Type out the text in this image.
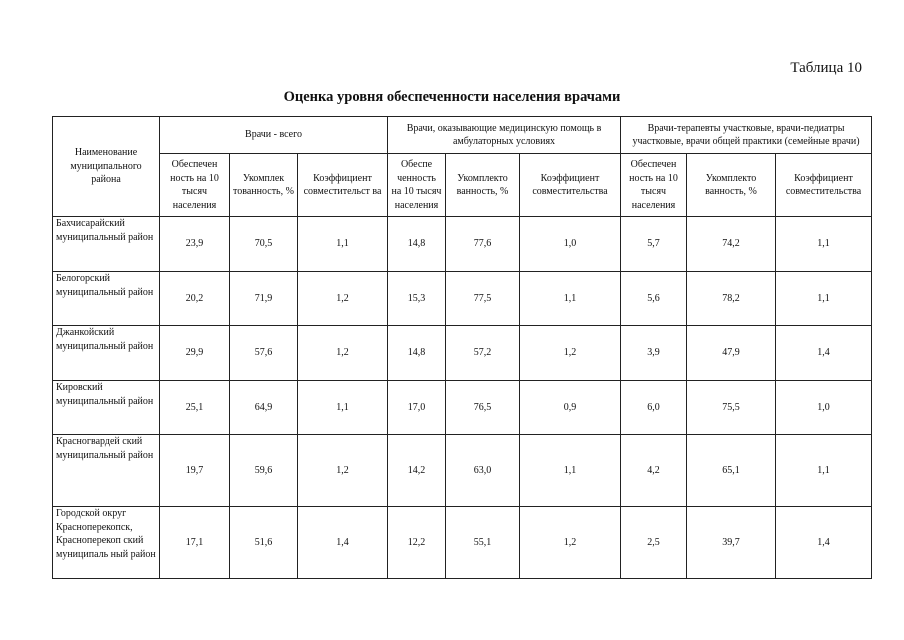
Таблица 10
Оценка уровня обеспеченности населения врачами
Наименование муниципального района	Врачи - всего			Врачи, оказывающие медицинскую помощь в амбулаторных условиях			Врачи-терапевты участковые, врачи-педиатры участковые, врачи общей практики (семейные врачи)		
	Обеспечен ность на 10 тысяч населения	Укомплек тованность, %	Коэффициент совместительст ва	Обеспе ченность на 10 тысяч населения	Укомплекто ванность, %	Коэффициент совместительства	Обеспечен ность на 10 тысяч населения	Укомплекто ванность, %	Коэффициент совместительства
Бахчисарайский муниципальный район	23,9	70,5	1,1	14,8	77,6	1,0	5,7	74,2	1,1
Белогорский муниципальный район	20,2	71,9	1,2	15,3	77,5	1,1	5,6	78,2	1,1
Джанкойский муниципальный район	29,9	57,6	1,2	14,8	57,2	1,2	3,9	47,9	1,4
Кировский муниципальный район	25,1	64,9	1,1	17,0	76,5	0,9	6,0	75,5	1,0
Красногвардей ский муниципальный район	19,7	59,6	1,2	14,2	63,0	1,1	4,2	65,1	1,1
Городской округ Красноперекопск, Красноперекоп ский муниципаль ный район	17,1	51,6	1,4	12,2	55,1	1,2	2,5	39,7	1,4
